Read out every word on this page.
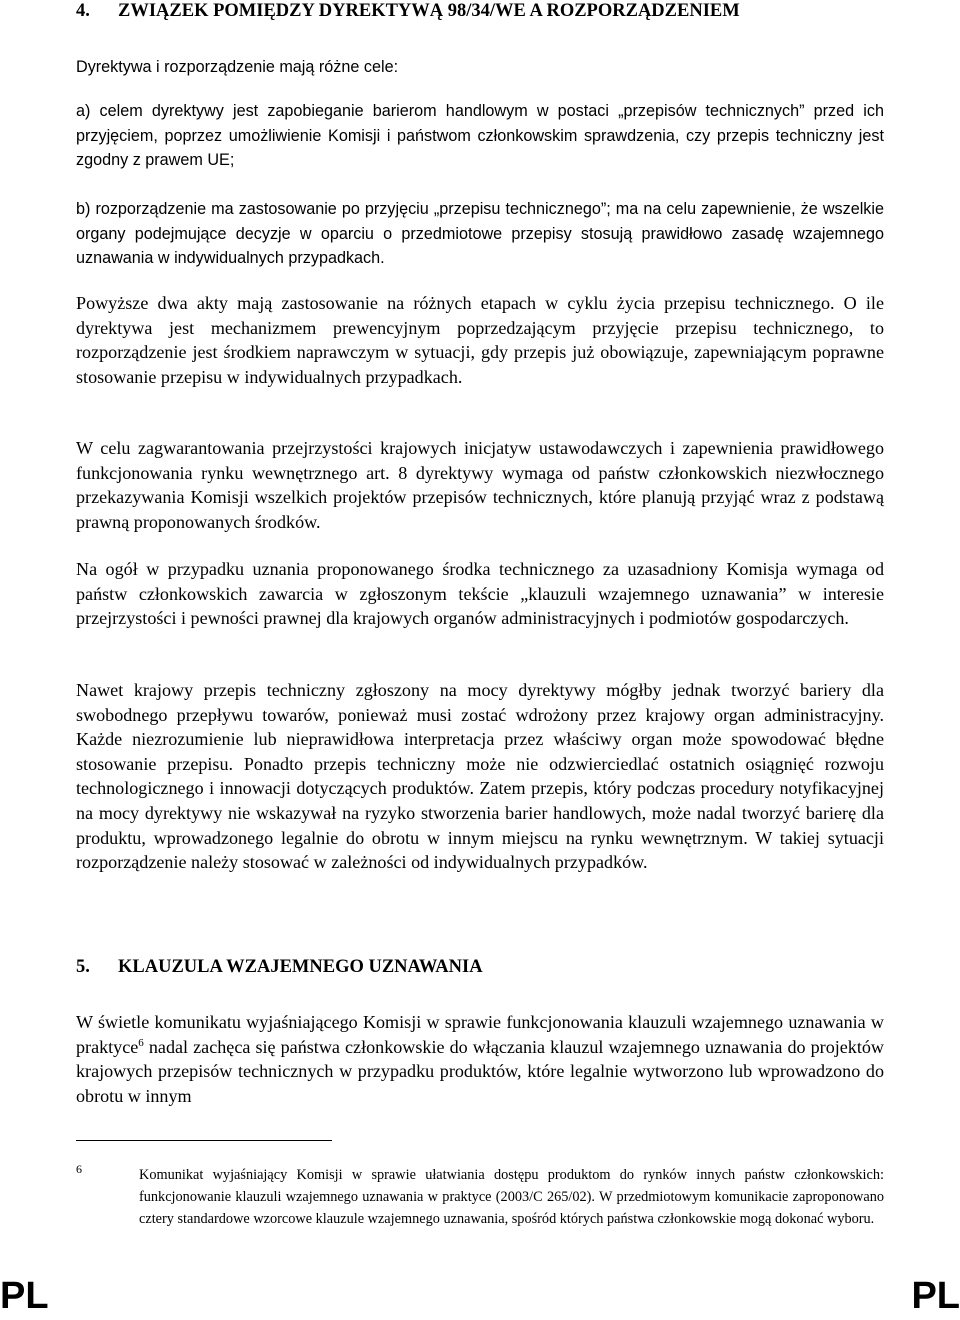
4. ZWIĄZEK POMIĘDZY DYREKTYWĄ 98/34/WE A ROZPORZĄDZENIEM

Dyrektywa i rozporządzenie mają różne cele:

a) celem dyrektywy jest zapobieganie barierom handlowym w postaci „przepisów technicznych” przed ich przyjęciem, poprzez umożliwienie Komisji i państwom członkowskim sprawdzenia, czy przepis techniczny jest zgodny z prawem UE;

b) rozporządzenie ma zastosowanie po przyjęciu „przepisu technicznego”; ma na celu zapewnienie, że wszelkie organy podejmujące decyzje w oparciu o przedmiotowe przepisy stosują prawidłowo zasadę wzajemnego uznawania w indywidualnych przypadkach.

Powyższe dwa akty mają zastosowanie na różnych etapach w cyklu życia przepisu technicznego. O ile dyrektywa jest mechanizmem prewencyjnym poprzedzającym przyjęcie przepisu technicznego, to rozporządzenie jest środkiem naprawczym w sytuacji, gdy przepis już obowiązuje, zapewniającym poprawne stosowanie przepisu w indywidualnych przypadkach.

W celu zagwarantowania przejrzystości krajowych inicjatyw ustawodawczych i zapewnienia prawidłowego funkcjonowania rynku wewnętrznego art. 8 dyrektywy wymaga od państw członkowskich niezwłocznego przekazywania Komisji wszelkich projektów przepisów technicznych, które planują przyjąć wraz z podstawą prawną proponowanych środków.

Na ogół w przypadku uznania proponowanego środka technicznego za uzasadniony Komisja wymaga od państw członkowskich zawarcia w zgłoszonym tekście „klauzuli wzajemnego uznawania” w interesie przejrzystości i pewności prawnej dla krajowych organów administracyjnych i podmiotów gospodarczych.

Nawet krajowy przepis techniczny zgłoszony na mocy dyrektywy mógłby jednak tworzyć bariery dla swobodnego przepływu towarów, ponieważ musi zostać wdrożony przez krajowy organ administracyjny. Każde niezrozumienie lub nieprawidłowa interpretacja przez właściwy organ może spowodować błędne stosowanie przepisu. Ponadto przepis techniczny może nie odzwierciedlać ostatnich osiągnięć rozwoju technologicznego i innowacji dotyczących produktów. Zatem przepis, który podczas procedury notyfikacyjnej na mocy dyrektywy nie wskazywał na ryzyko stworzenia barier handlowych, może nadal tworzyć barierę dla produktu, wprowadzonego legalnie do obrotu w innym miejscu na rynku wewnętrznym. W takiej sytuacji rozporządzenie należy stosować w zależności od indywidualnych przypadków.

5. KLAUZULA WZAJEMNEGO UZNAWANIA

W świetle komunikatu wyjaśniającego Komisji w sprawie funkcjonowania klauzuli wzajemnego uznawania w praktyce$^6$ nadal zachęca się państwa członkowskie do włączania klauzul wzajemnego uznawania do projektów krajowych przepisów technicznych w przypadku produktów, które legalnie wytworzono lub wprowadzono do obrotu w innym

6	Komunikat wyjaśniający Komisji w sprawie ułatwiania dostępu produktom do rynków innych państw członkowskich: funkcjonowanie klauzuli wzajemnego uznawania w praktyce (2003/C 265/02). W przedmiotowym komunikacie zaproponowano cztery standardowe wzorcowe klauzule wzajemnego uznawania, spośród których państwa członkowskie mogą dokonać wyboru.

PL	PL
